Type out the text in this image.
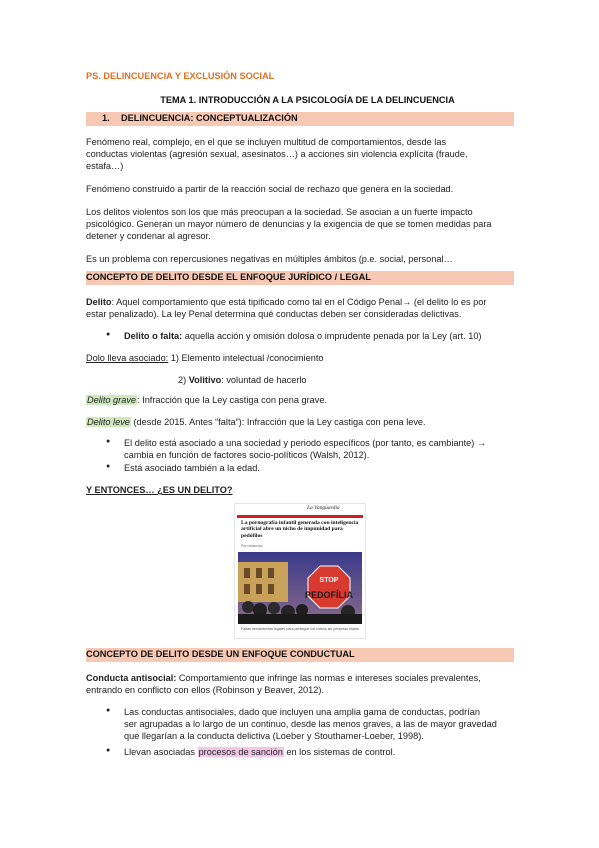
PS. DELINCUENCIA Y EXCLUSIÓN SOCIAL
TEMA 1. INTRODUCCIÓN A LA PSICOLOGÍA DE LA DELINCUENCIA
1. DELINCUENCIA: CONCEPTUALIZACIÓN
Fenómeno real, complejo, en el que se incluyen multitud de comportamientos, desde las
conductas violentas (agresión sexual, asesinatos…) a acciones sin violencia explícita (fraude,
estafa…)
Fenómeno construido a partir de la reacción social de rechazo que genera en la sociedad.
Los delitos violentos son los que más preocupan a la sociedad. Se asocian a un fuerte impacto
psicológico. Generan un mayor número de denuncias y la exigencia de que se tomen medidas para
detener y condenar al agresor.
Es un problema con repercusiones negativas en múltiples ámbitos (p.e. social, personal…
CONCEPTO DE DELITO DESDE EL ENFOQUE JURÍDICO / LEGAL
Delito: Aquel comportamiento que está tipificado como tal en el Código Penal→ (el delito lo es por
estar penalizado). La ley Penal determina qué conductas deben ser consideradas delictivas.
● Delito o falta: aquella acción y omisión dolosa o imprudente penada por la Ley (art. 10)
Dolo lleva asociado: 1) Elemento intelectual /conocimiento
2) Volitivo: voluntad de hacerlo
Delito grave: Infracción que la Ley castiga con pena grave.
Delito leve (desde 2015. Antes “falta”): Infracción que la Ley castiga con pena leve.
● El delito está asociado a una sociedad y periodo específicos (por tanto, es cambiante) →
cambia en función de factores socio-políticos (Walsh, 2012).
● Está asociado también a la edad.
Y ENTONCES… ¿ES UN DELITO?
La Vanguardia
La pornografía infantil generada con inteligencia artificial abre un nicho de impunidad para pedófilos
Por redacción
STOP
PEDOFÍLIA
Faltan herramientas legales para perseguir los vídeos sin personas reales
CONCEPTO DE DELITO DESDE UN ENFOQUE CONDUCTUAL
Conducta antisocial: Comportamiento que infringe las normas e intereses sociales prevalentes,
entrando en conflicto con ellos (Robinson y Beaver, 2012).
● Las conductas antisociales, dado que incluyen una amplia gama de conductas, podrían
ser agrupadas a lo largo de un continuo, desde las menos graves, a las de mayor gravedad
que llegarían a la conducta delictiva (Loeber y Stouthamer-Loeber, 1998).
● Llevan asociadas procesos de sanción en los sistemas de control.
